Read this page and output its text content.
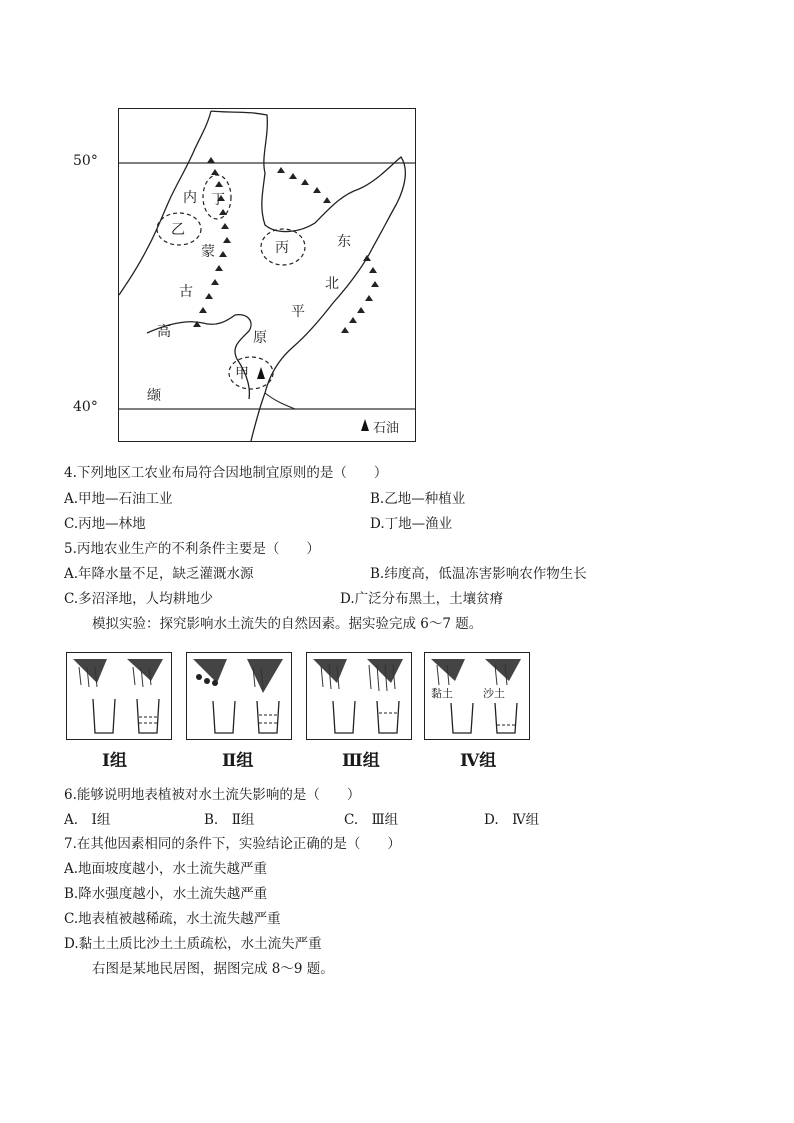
50°
40°
内
乙
丁
蒙
古
高	原
丙	东
北
平
甲
缬
石油
4.下列地区工农业布局符合因地制宜原则的是（　　）
A.甲地—石油工业	B.乙地—种植业
C.丙地—林地	D.丁地—渔业
5.丙地农业生产的不利条件主要是（　　）
A.年降水量不足，缺乏灌溉水源	B.纬度高，低温冻害影响农作物生长
C.多沼泽地，人均耕地少	D.广泛分布黑土，土壤贫瘠
模拟实验：探究影响水土流失的自然因素。据实验完成 6～7 题。
黏土	沙土
Ⅰ组	Ⅱ组	Ⅲ组	Ⅳ组
6.能够说明地表植被对水土流失影响的是（　　）
A.　Ⅰ组	B.　Ⅱ组	C.　Ⅲ组	D.　Ⅳ组
7.在其他因素相同的条件下，实验结论正确的是（　　）
A.地面坡度越小，水土流失越严重
B.降水强度越小，水土流失越严重
C.地表植被越稀疏，水土流失越严重
D.黏土土质比沙土土质疏松，水土流失严重
右图是某地民居图，据图完成 8～9 题。
